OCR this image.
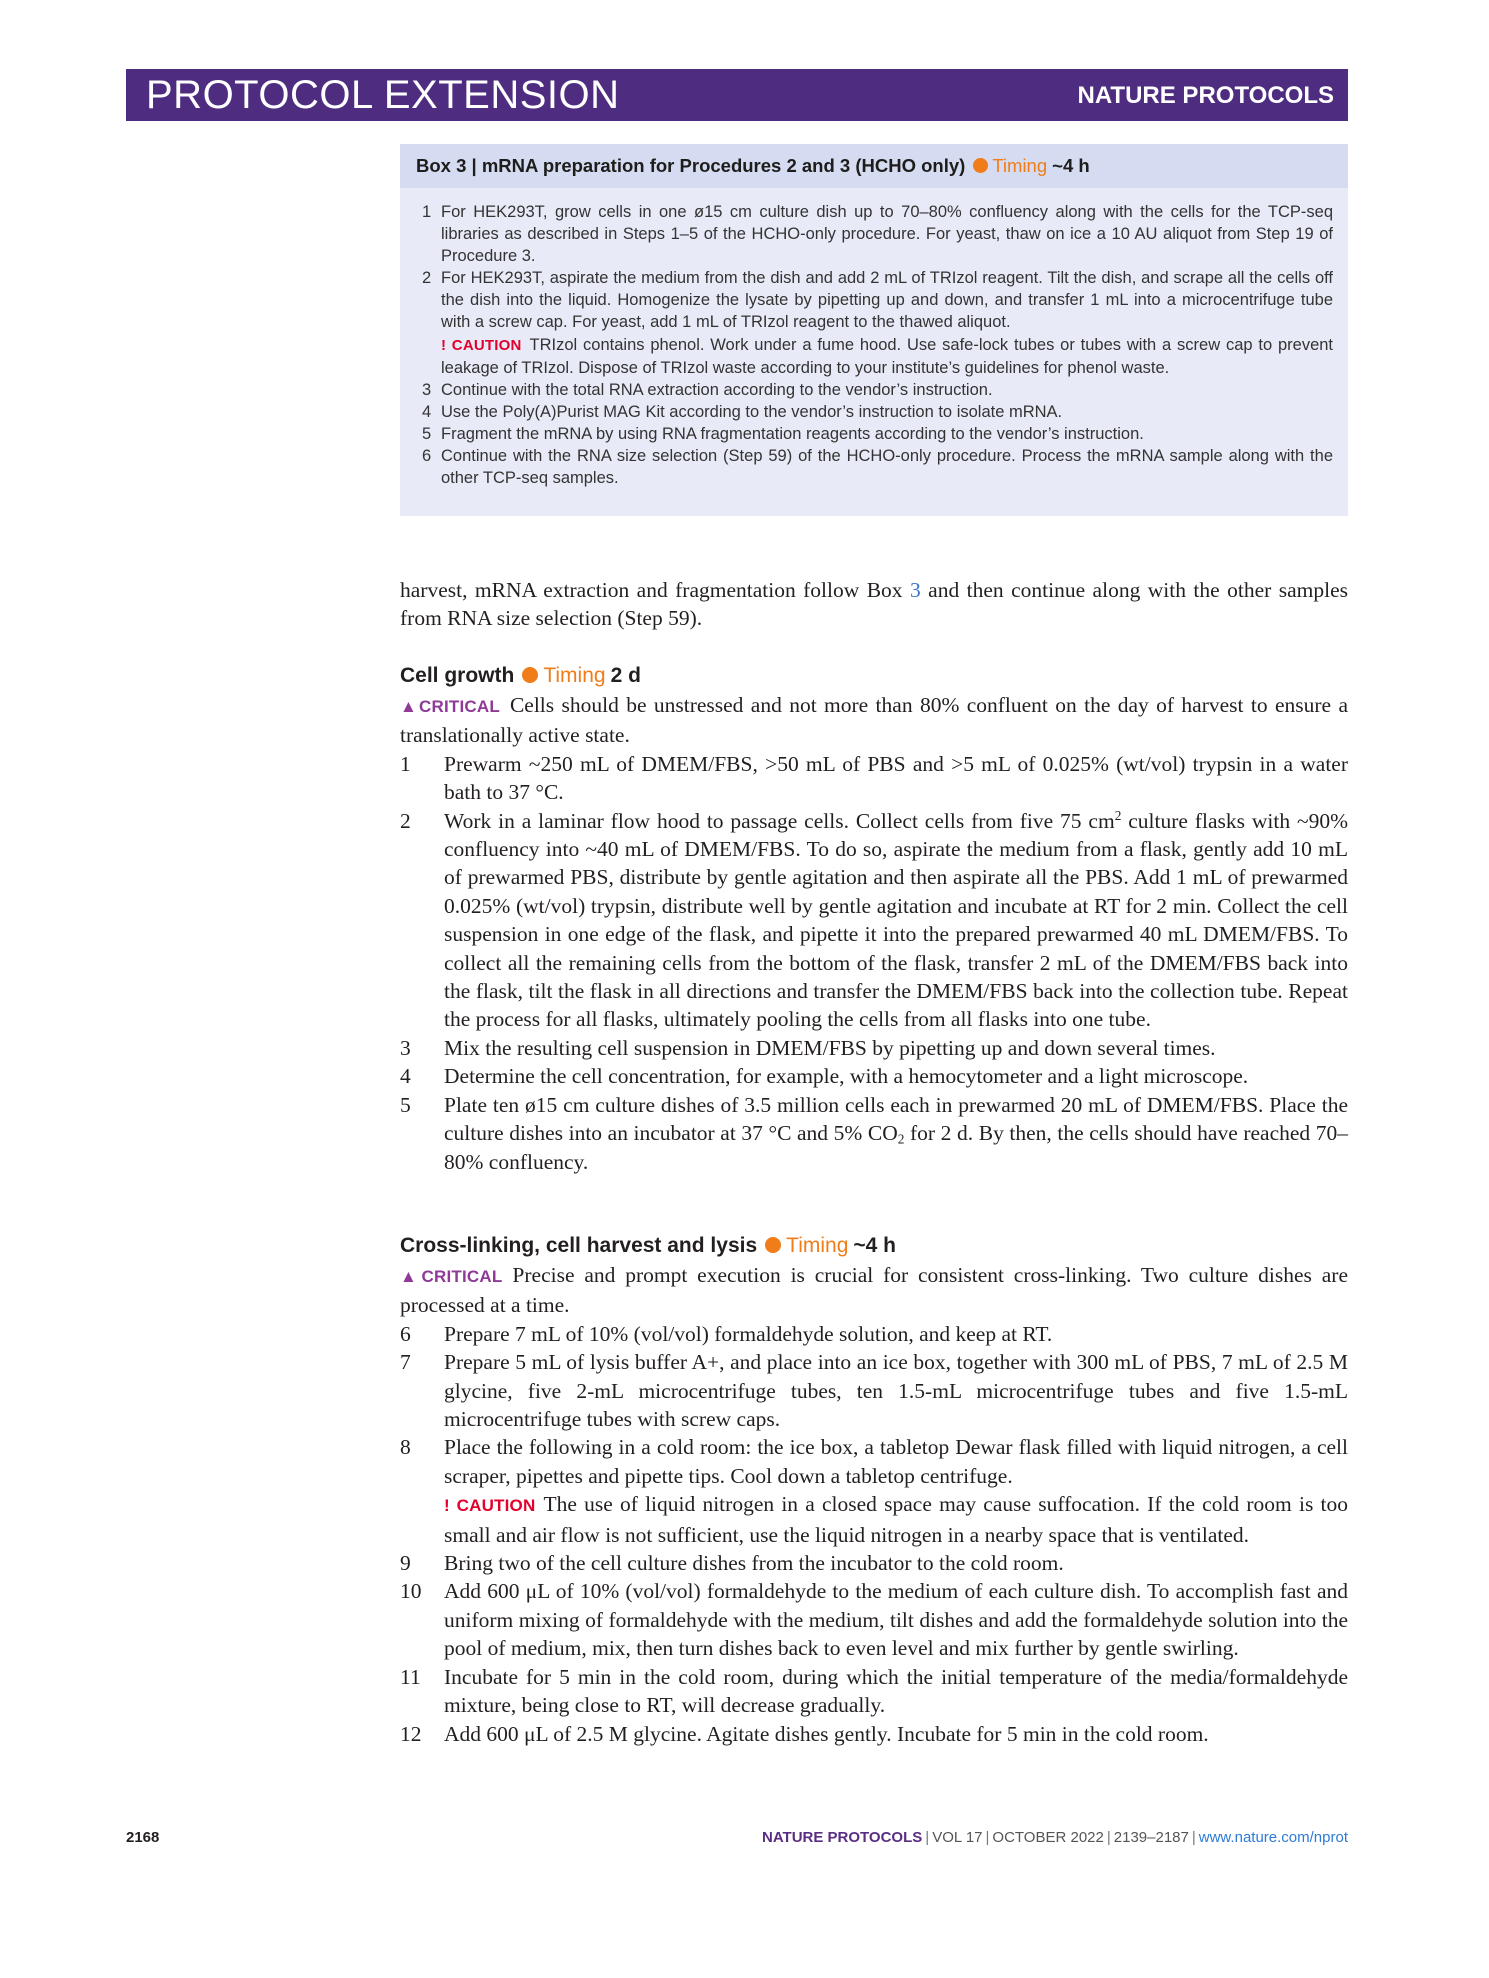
PROTOCOL EXTENSION	NATURE PROTOCOLS
Box 3 | mRNA preparation for Procedures 2 and 3 (HCHO only) Timing ~4 h
1 For HEK293T, grow cells in one ø15 cm culture dish up to 70–80% confluency along with the cells for the TCP-seq libraries as described in Steps 1–5 of the HCHO-only procedure. For yeast, thaw on ice a 10 AU aliquot from Step 19 of Procedure 3.
2 For HEK293T, aspirate the medium from the dish and add 2 mL of TRIzol reagent. Tilt the dish, and scrape all the cells off the dish into the liquid. Homogenize the lysate by pipetting up and down, and transfer 1 mL into a microcentrifuge tube with a screw cap. For yeast, add 1 mL of TRIzol reagent to the thawed aliquot.
! CAUTION TRIzol contains phenol. Work under a fume hood. Use safe-lock tubes or tubes with a screw cap to prevent leakage of TRIzol. Dispose of TRIzol waste according to your institute’s guidelines for phenol waste.
3 Continue with the total RNA extraction according to the vendor’s instruction.
4 Use the Poly(A)Purist MAG Kit according to the vendor’s instruction to isolate mRNA.
5 Fragment the mRNA by using RNA fragmentation reagents according to the vendor’s instruction.
6 Continue with the RNA size selection (Step 59) of the HCHO-only procedure. Process the mRNA sample along with the other TCP-seq samples.

harvest, mRNA extraction and fragmentation follow Box 3 and then continue along with the other samples from RNA size selection (Step 59).

Cell growth Timing 2 d

▲CRITICAL Cells should be unstressed and not more than 80% confluent on the day of harvest to ensure a translationally active state.

1	Prewarm ~250 mL of DMEM/FBS, >50 mL of PBS and >5 mL of 0.025% (wt/vol) trypsin in a water bath to 37 °C.
2	Work in a laminar flow hood to passage cells. Collect cells from five 75 $cm^2$ culture flasks with ~90% confluency into ~40 mL of DMEM/FBS. To do so, aspirate the medium from a flask, gently add 10 mL of prewarmed PBS, distribute by gentle agitation and then aspirate all the PBS. Add 1 mL of prewarmed 0.025% (wt/vol) trypsin, distribute well by gentle agitation and incubate at RT for 2 min. Collect the cell suspension in one edge of the flask, and pipette it into the prepared prewarmed 40 mL DMEM/FBS. To collect all the remaining cells from the bottom of the flask, transfer 2 mL of the DMEM/FBS back into the flask, tilt the flask in all directions and transfer the DMEM/FBS back into the collection tube. Repeat the process for all flasks, ultimately pooling the cells from all flasks into one tube.
3	Mix the resulting cell suspension in DMEM/FBS by pipetting up and down several times.
4	Determine the cell concentration, for example, with a hemocytometer and a light microscope.
5	Plate ten ø15 cm culture dishes of 3.5 million cells each in prewarmed 20 mL of DMEM/FBS. Place the culture dishes into an incubator at 37 °C and 5% $CO_2$ for 2 d. By then, the cells should have reached 70–80% confluency.
Cross-linking, cell harvest and lysis Timing ~4 h

▲CRITICAL Precise and prompt execution is crucial for consistent cross-linking. Two culture dishes are processed at a time.

6	Prepare 7 mL of 10% (vol/vol) formaldehyde solution, and keep at RT.
7	Prepare 5 mL of lysis buffer A+, and place into an ice box, together with 300 mL of PBS, 7 mL of 2.5 M glycine, five 2-mL microcentrifuge tubes, ten 1.5-mL microcentrifuge tubes and five 1.5-mL microcentrifuge tubes with screw caps.
8	Place the following in a cold room: the ice box, a tabletop Dewar flask filled with liquid nitrogen, a cell scraper, pipettes and pipette tips. Cool down a tabletop centrifuge.
! CAUTION The use of liquid nitrogen in a closed space may cause suffocation. If the cold room is too small and air flow is not sufficient, use the liquid nitrogen in a nearby space that is ventilated.
9	Bring two of the cell culture dishes from the incubator to the cold room.
10	Add 600 μL of 10% (vol/vol) formaldehyde to the medium of each culture dish. To accomplish fast and uniform mixing of formaldehyde with the medium, tilt dishes and add the formaldehyde solution into the pool of medium, mix, then turn dishes back to even level and mix further by gentle swirling.
11	Incubate for 5 min in the cold room, during which the initial temperature of the media/formaldehyde mixture, being close to RT, will decrease gradually.
12	Add 600 μL of 2.5 M glycine. Agitate dishes gently. Incubate for 5 min in the cold room.
2168	NATURE PROTOCOLS | VOL 17 | OCTOBER 2022 | 2139–2187 | www.nature.com/nprot
